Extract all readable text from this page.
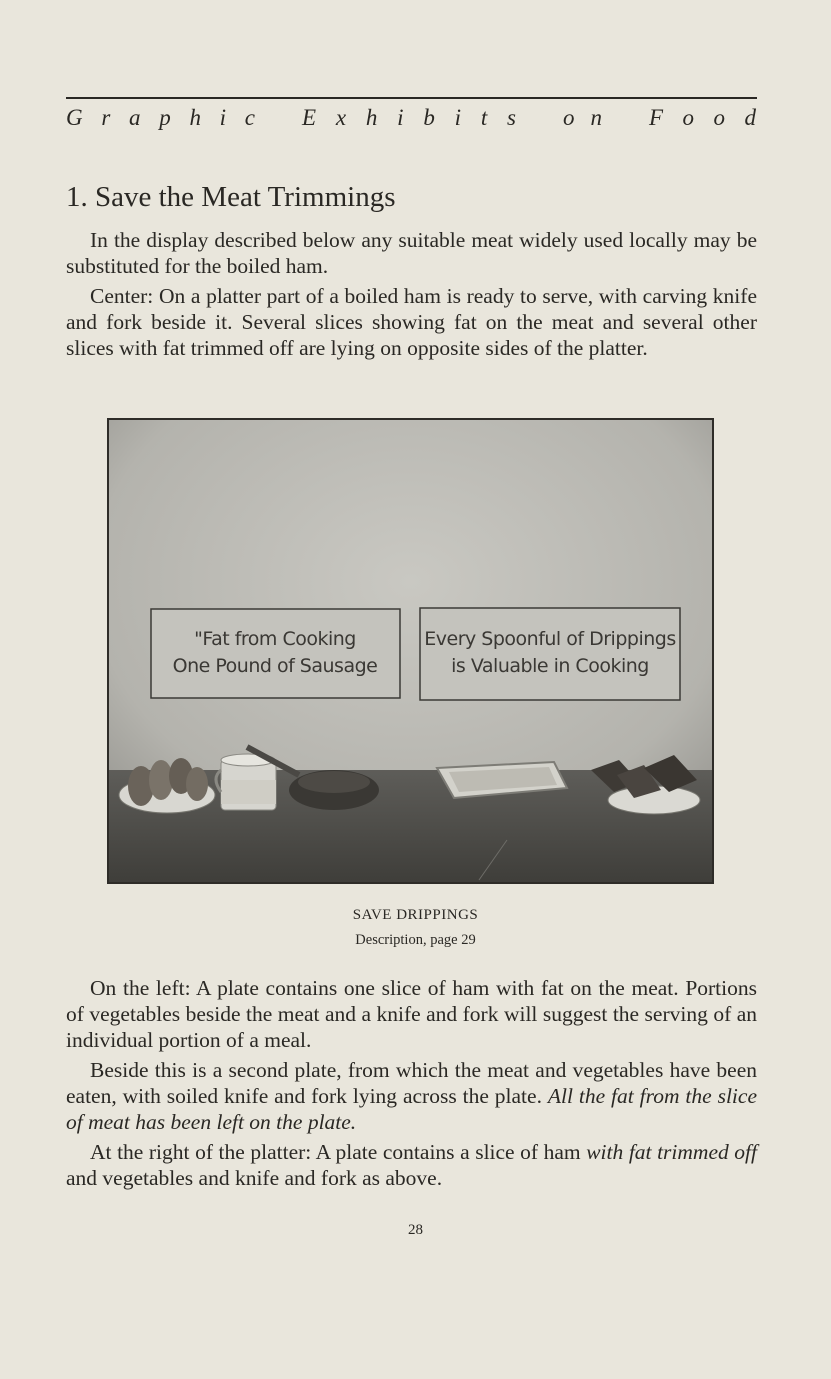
G r a p h i c E x h i b i t s o n F o o d
1. Save the Meat Trimmings

In the display described below any suitable meat widely used locally may be substituted for the boiled ham.

Center: On a platter part of a boiled ham is ready to serve, with carving knife and fork beside it. Several slices showing fat on the meat and several other slices with fat trimmed off are lying on opposite sides of the platter.

"Fat from Cooking
One Pound of Sausage
Every Spoonful of Drippings
is Valuable in Cooking
SAVE DRIPPINGS
Description, page 29

On the left: A plate contains one slice of ham with fat on the meat. Portions of vegetables beside the meat and a knife and fork will suggest the serving of an individual portion of a meal.

Beside this is a second plate, from which the meat and vegetables have been eaten, with soiled knife and fork lying across the plate. All the fat from the slice of meat has been left on the plate.

At the right of the platter: A plate contains a slice of ham with fat trimmed off and vegetables and knife and fork as above.

28
